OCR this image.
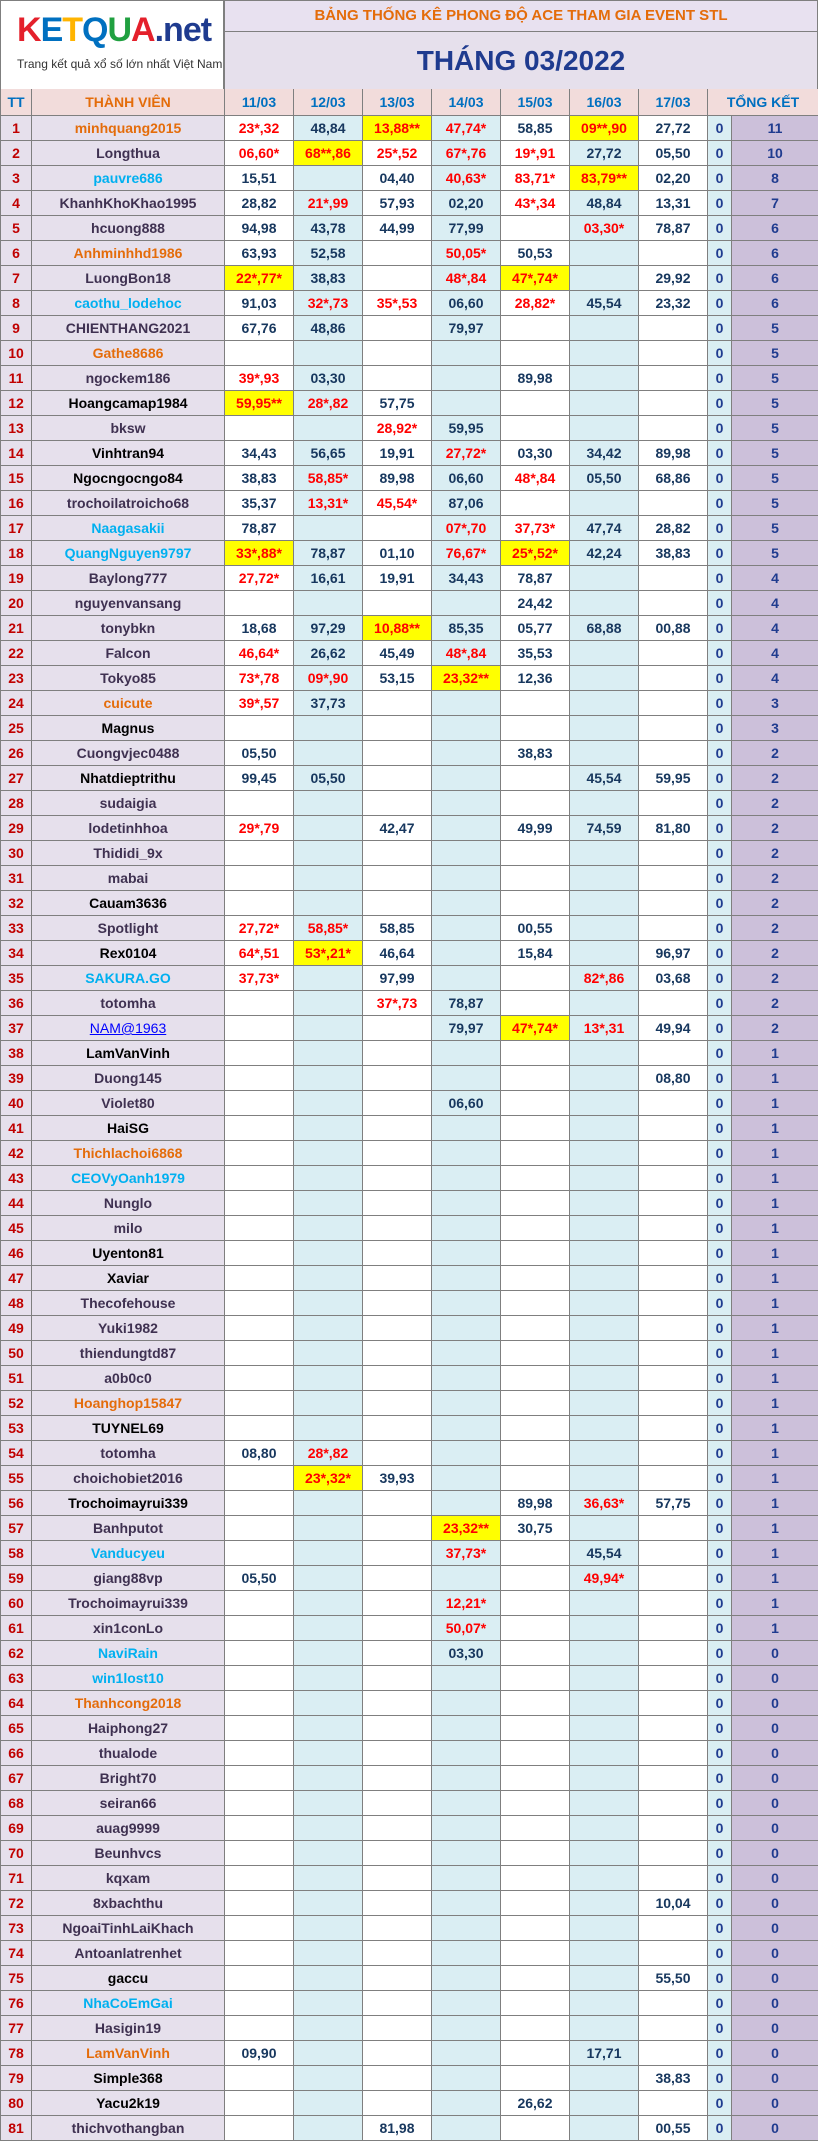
KETQUA.net
Trang kết quả xổ số lớn nhất Việt Nam
BẢNG THỐNG KÊ PHONG ĐỘ ACE THAM GIA EVENT STL
THÁNG 03/2022
TT	THÀNH VIÊN	11/03	12/03	13/03	14/03	15/03	16/03	17/03	TỔNG KẾT	
1	minhquang2015	23*,32	48,84	13,88**	47,74*	58,85	09**,90	27,72	0	11
2	Longthua	06,60*	68**,86	25*,52	67*,76	19*,91	27,72	05,50	0	10
3	pauvre686	15,51		04,40	40,63*	83,71*	83,79**	02,20	0	8
4	KhanhKhoKhao1995	28,82	21*,99	57,93	02,20	43*,34	48,84	13,31	0	7
5	hcuong888	94,98	43,78	44,99	77,99		03,30*	78,87	0	6
6	Anhminhhd1986	63,93	52,58		50,05*	50,53			0	6
7	LuongBon18	22*,77*	38,83		48*,84	47*,74*		29,92	0	6
8	caothu_lodehoc	91,03	32*,73	35*,53	06,60	28,82*	45,54	23,32	0	6
9	CHIENTHANG2021	67,76	48,86		79,97				0	5
10	Gathe8686								0	5
11	ngockem186	39*,93	03,30			89,98			0	5
12	Hoangcamap1984	59,95**	28*,82	57,75					0	5
13	bksw			28,92*	59,95				0	5
14	Vinhtran94	34,43	56,65	19,91	27,72*	03,30	34,42	89,98	0	5
15	Ngocngocngo84	38,83	58,85*	89,98	06,60	48*,84	05,50	68,86	0	5
16	trochoilatroicho68	35,37	13,31*	45,54*	87,06				0	5
17	Naagasakii	78,87			07*,70	37,73*	47,74	28,82	0	5
18	QuangNguyen9797	33*,88*	78,87	01,10	76,67*	25*,52*	42,24	38,83	0	5
19	Baylong777	27,72*	16,61	19,91	34,43	78,87			0	4
20	nguyenvansang					24,42			0	4
21	tonybkn	18,68	97,29	10,88**	85,35	05,77	68,88	00,88	0	4
22	Falcon	46,64*	26,62	45,49	48*,84	35,53			0	4
23	Tokyo85	73*,78	09*,90	53,15	23,32**	12,36			0	4
24	cuicute	39*,57	37,73						0	3
25	Magnus								0	3
26	Cuongvjec0488	05,50				38,83			0	2
27	Nhatdieptrithu	99,45	05,50				45,54	59,95	0	2
28	sudaigia								0	2
29	lodetinhhoa	29*,79		42,47		49,99	74,59	81,80	0	2
30	Thididi_9x								0	2
31	mabai								0	2
32	Cauam3636								0	2
33	Spotlight	27,72*	58,85*	58,85		00,55			0	2
34	Rex0104	64*,51	53*,21*	46,64		15,84		96,97	0	2
35	SAKURA.GO	37,73*		97,99			82*,86	03,68	0	2
36	totomha			37*,73	78,87				0	2
37	NAM@1963				79,97	47*,74*	13*,31	49,94	0	2
38	LamVanVinh								0	1
39	Duong145							08,80	0	1
40	Violet80				06,60				0	1
41	HaiSG								0	1
42	Thichlachoi6868								0	1
43	CEOVyOanh1979								0	1
44	Nunglo								0	1
45	milo								0	1
46	Uyenton81								0	1
47	Xaviar								0	1
48	Thecofehouse								0	1
49	Yuki1982								0	1
50	thiendungtd87								0	1
51	a0b0c0								0	1
52	Hoanghop15847								0	1
53	TUYNEL69								0	1
54	totomha	08,80	28*,82						0	1
55	choichobiet2016		23*,32*	39,93					0	1
56	Trochoimayrui339					89,98	36,63*	57,75	0	1
57	Banhputot				23,32**	30,75			0	1
58	Vanducyeu				37,73*		45,54		0	1
59	giang88vp	05,50					49,94*		0	1
60	Trochoimayrui339				12,21*				0	1
61	xin1conLo				50,07*				0	1
62	NaviRain				03,30				0	0
63	win1lost10								0	0
64	Thanhcong2018								0	0
65	Haiphong27								0	0
66	thualode								0	0
67	Bright70								0	0
68	seiran66								0	0
69	auag9999								0	0
70	Beunhvcs								0	0
71	kqxam								0	0
72	8xbachthu							10,04	0	0
73	NgoaiTinhLaiKhach								0	0
74	Antoanlatrenhet								0	0
75	gaccu							55,50	0	0
76	NhaCoEmGai								0	0
77	Hasigin19								0	0
78	LamVanVinh	09,90					17,71		0	0
79	Simple368							38,83	0	0
80	Yacu2k19					26,62			0	0
81	thichvothangban			81,98				00,55	0	0
